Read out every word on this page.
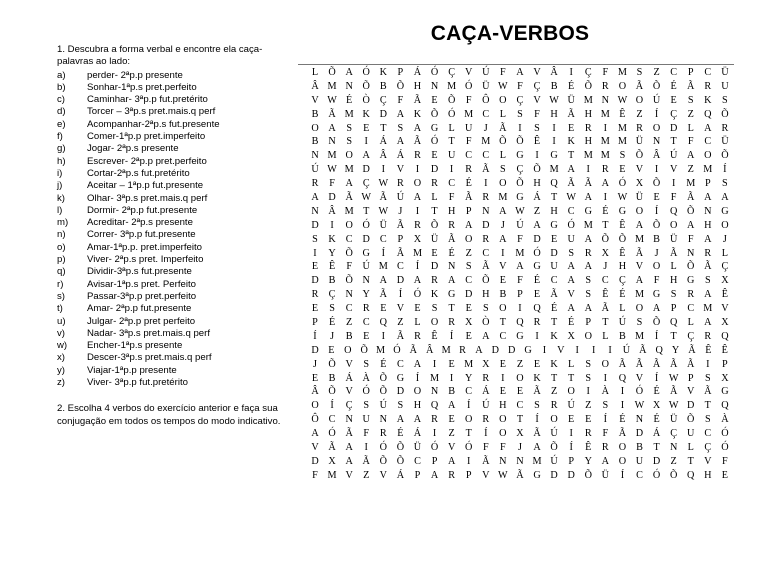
CAÇA-VERBOS
1. Descubra a forma verbal e encontre ela caça-palavras ao lado:
a)	perder- 2ªp.p presente
b)	Sonhar-1ªp.s pret.perfeito
c)	Caminhar- 3ªp.p fut.pretérito
d)	Torcer – 3ªp.s pret.mais.q perf
e)	Acompanhar-2ªp.s fut.presente
f)	Comer-1ªp.p pret.imperfeito
g)	Jogar- 2ªp.s presente
h)	Escrever- 2ªp.p pret.perfeito
i)	Cortar-2ªp.s fut.pretérito
j)	Aceitar – 1ªp.p fut.presente
k)	Olhar- 3ªp.s pret.mais.q perf
l)	Dormir- 2ªp.p fut.presente
m)	Acreditar- 2ªp.s presente
n)	Correr- 3ªp.p fut.presente
o)	Amar-1ªp.p. pret.imperfeito
p)	Viver- 2ªp.s pret. Imperfeito
q)	Dividir-3ªp.s fut.presente
r)	Avisar-1ªp.s pret. Perfeito
s)	Passar-3ªp.p pret.perfeito
t)	Amar- 2ªp.p fut.presente
u)	Julgar- 2ªp.p pret perfeito
v)	Nadar- 3ªp.s pret.mais.q perf
w)	Encher-1ªp.s presente
x)	Descer-3ªp.s pret.mais.q perf
y)	Viajar-1ªp.p presente
z)	Viver- 3ªp.p fut.pretérito
2. Escolha 4 verbos do exercício anterior e faça sua conjugação em todos os tempos do modo indicativo.
L	Õ A Ó K	P	Á Ó Ç V Ú	F	A V Â	I	Ç	F M S	Z	C	P	C Ü
Â M N Õ B Õ H N M Ó Ü W F	Ç	B	É	Õ R O Ã Õ	É	Ã R U
V W É	Ò Ç	F	Ã	E	Õ	F	Ô O Ç V W Ü M N W O Ú	E	S	K	S
B Ã M K D A K Õ Ó M C	L	S	F	H Ã H M Ê	Z	Í	Ç	Z	Q Õ
O A	S	E	T	S	A G	L	U	J	Ã	I	S	I	E	R	I	M R O D	L	A R
B N	S	I	Á A Ã Ó	T	F M Õ Õ	Ê	I	K H M M Ü N	T	F	C Ü
N M O A Â Á R	E	U C	C	L	G	I	G	T M M S	Õ Â Ú A O Õ
Ú W M D	I	V	I	D	I	R Ã	S	Ç Õ M A	I	R	E	V	I	V	Z M	Í
R	F	A Ç W R O R	C	É	I	O Õ H Q Ã Ã A Ó X Õ	I	M P	S
A D Ã W Ã Ú A	L	F	Ã R M G Á	T W A	I	W Ü	E	F	Ã A A
N Â M T W	J	I	T	H	P	N A W Z	H C G	É	G O	Í	Q Õ N G
D	I	O Ó Ü Ã R Õ R A D	J	Ú A G Ó M T	Ê	A Õ O A H O
S	K C D C	P	X Ü Ã O R A	F	D	E	U A Õ Õ M B Ü	F	A	J
I	Y Õ G	Í	Ã M E	É	Z	C	I	M Ó D	S	R X	Ê	Ã	J	Ã N R	L
E	Ê	F	Ú M C	Í	D N	S	Ã V A G U A A	J	H V O	L	Õ Ã Ç
D B Õ N A D A R A C Õ	E	F	É	C A	S	C	Ç A	F	H G	S	X
R	Ç N Y Ã	Í	Ó K G D H B	P	E	Ã V	S	Ê	É M G	S	R A	Ê
E	S	C	R	E	V	E	S	T	E	S	O	I	Q	É	A A Ã	L	O A	P	C M V
P	É	Z	C Q	Z	L	O R X Ò	T	Q R	T	É	P	T	Ú	S	Õ Q	L	A X
Í	J	B	E	I	Ã R	Ê	Í	E	A C G	I	K X O	L	B M	Í	T	Ç	R Q
D E O Õ M Ó Ã Â M R A D D G	I	V	I	I	I	Ú Ã Q Y Ã Ê Ê
J	Õ V	S	É	C A	I	E M X	E	Z	E	K	L	S	O Ã Ã Ã Ã Ã	I	P
E	B Á À Õ G	Í	M	I	Y R	I	O K	T	T	S	I	Q V	Í	W P	S	X
Â Õ V Ó Õ D O N B	C Á	E	E	Ã	Z	O	I	À	I	Ó	É	Ã V Ã G
O	Í	Ç	S	Ú	S	H Q A	Í	Ú H C	S	R Ú	Z	S	I	W X W D	T	Q
Ô C N U N A A R	E	O R O	T	Í	O	E	E	Í	É	N	É	Ü Õ	S	À
A Ó Ã	F	R	É	Á	I	Z	T	Í	O X Ã Ú	I	R	F	Ã D Á Ç U C Ó
V Ã A	I	Ó Õ Ü Ó V Ó	F	F	J	A Õ	Í	Ê	R O B	T	N	L	Ç Ó
D X A Ã Õ Õ C	P	A	I	Ã N N M Ú	P	Y A O U D	Z	T	V	F
F M V	Z	V Á	P	A R	P	V W Ã G D D Õ Ü	Í	C Ó Õ Q H	E
